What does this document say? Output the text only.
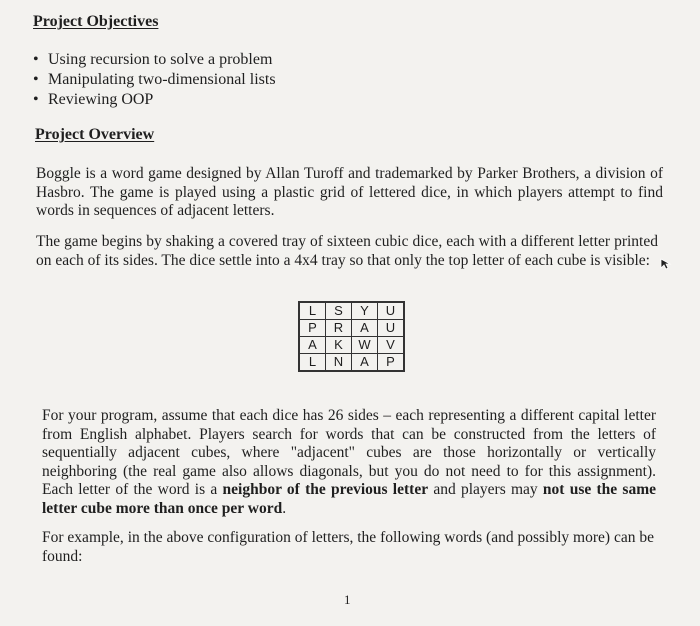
Project Objectives
• Using recursion to solve a problem
• Manipulating two-dimensional lists
• Reviewing OOP
Project Overview

Boggle is a word game designed by Allan Turoff and trademarked by Parker Brothers, a division of Hasbro. The game is played using a plastic grid of lettered dice, in which players attempt to find words in sequences of adjacent letters.

The game begins by shaking a covered tray of sixteen cubic dice, each with a different letter printed on each of its sides. The dice settle into a 4x4 tray so that only the top letter of each cube is visible:

L	S	Y	U
P	R	A	U
A	K	W	V
L	N	A	P

For your program, assume that each dice has 26 sides – each representing a different capital letter from English alphabet. Players search for words that can be constructed from the letters of sequentially adjacent cubes, where "adjacent" cubes are those horizontally or vertically neighboring (the real game also allows diagonals, but you do not need to for this assignment). Each letter of the word is a neighbor of the previous letter and players may not use the same letter cube more than once per word.

For example, in the above configuration of letters, the following words (and possibly more) can be found:

1
